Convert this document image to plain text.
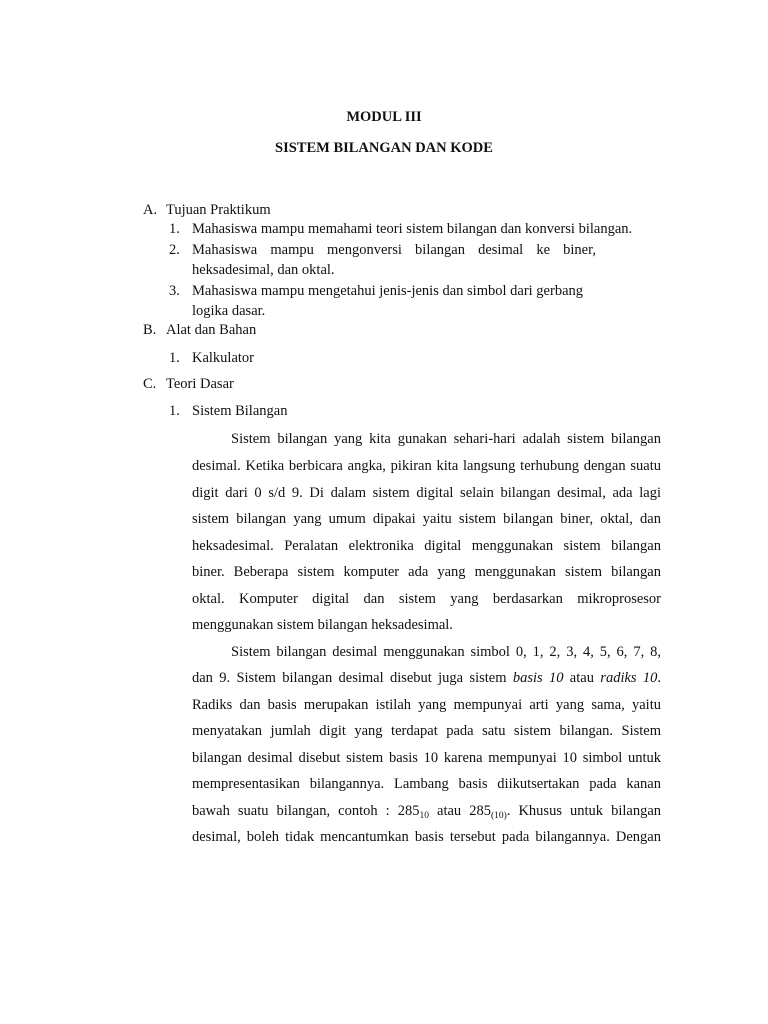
MODUL III
SISTEM BILANGAN DAN KODE
A. Tujuan Praktikum
1. Mahasiswa mampu memahami teori sistem bilangan dan konversi bilangan.
2. Mahasiswa mampu mengonversi bilangan desimal ke biner,
heksadesimal, dan oktal.
3. Mahasiswa mampu mengetahui jenis-jenis dan simbol dari gerbang
logika dasar.
B. Alat dan Bahan
1. Kalkulator
C. Teori Dasar
1. Sistem Bilangan
Sistem bilangan yang kita gunakan sehari-hari adalah sistem bilangan
desimal. Ketika berbicara angka, pikiran kita langsung terhubung dengan suatu
digit dari 0 s/d 9. Di dalam sistem digital selain bilangan desimal, ada lagi
sistem bilangan yang umum dipakai yaitu sistem bilangan biner, oktal, dan
heksadesimal. Peralatan elektronika digital menggunakan sistem bilangan
biner. Beberapa sistem komputer ada yang menggunakan sistem bilangan
oktal. Komputer digital dan sistem yang berdasarkan mikroprosesor
menggunakan sistem bilangan heksadesimal.
Sistem bilangan desimal menggunakan simbol 0, 1, 2, 3, 4, 5, 6, 7, 8,
dan 9. Sistem bilangan desimal disebut juga sistem basis 10 atau radiks 10.
Radiks dan basis merupakan istilah yang mempunyai arti yang sama, yaitu
menyatakan jumlah digit yang terdapat pada satu sistem bilangan. Sistem
bilangan desimal disebut sistem basis 10 karena mempunyai 10 simbol untuk
mempresentasikan bilangannya. Lambang basis diikutsertakan pada kanan
bawah suatu bilangan, contoh : $285_{10}$ atau $285_{(10)}$. Khusus untuk bilangan
desimal, boleh tidak mencantumkan basis tersebut pada bilangannya. Dengan
